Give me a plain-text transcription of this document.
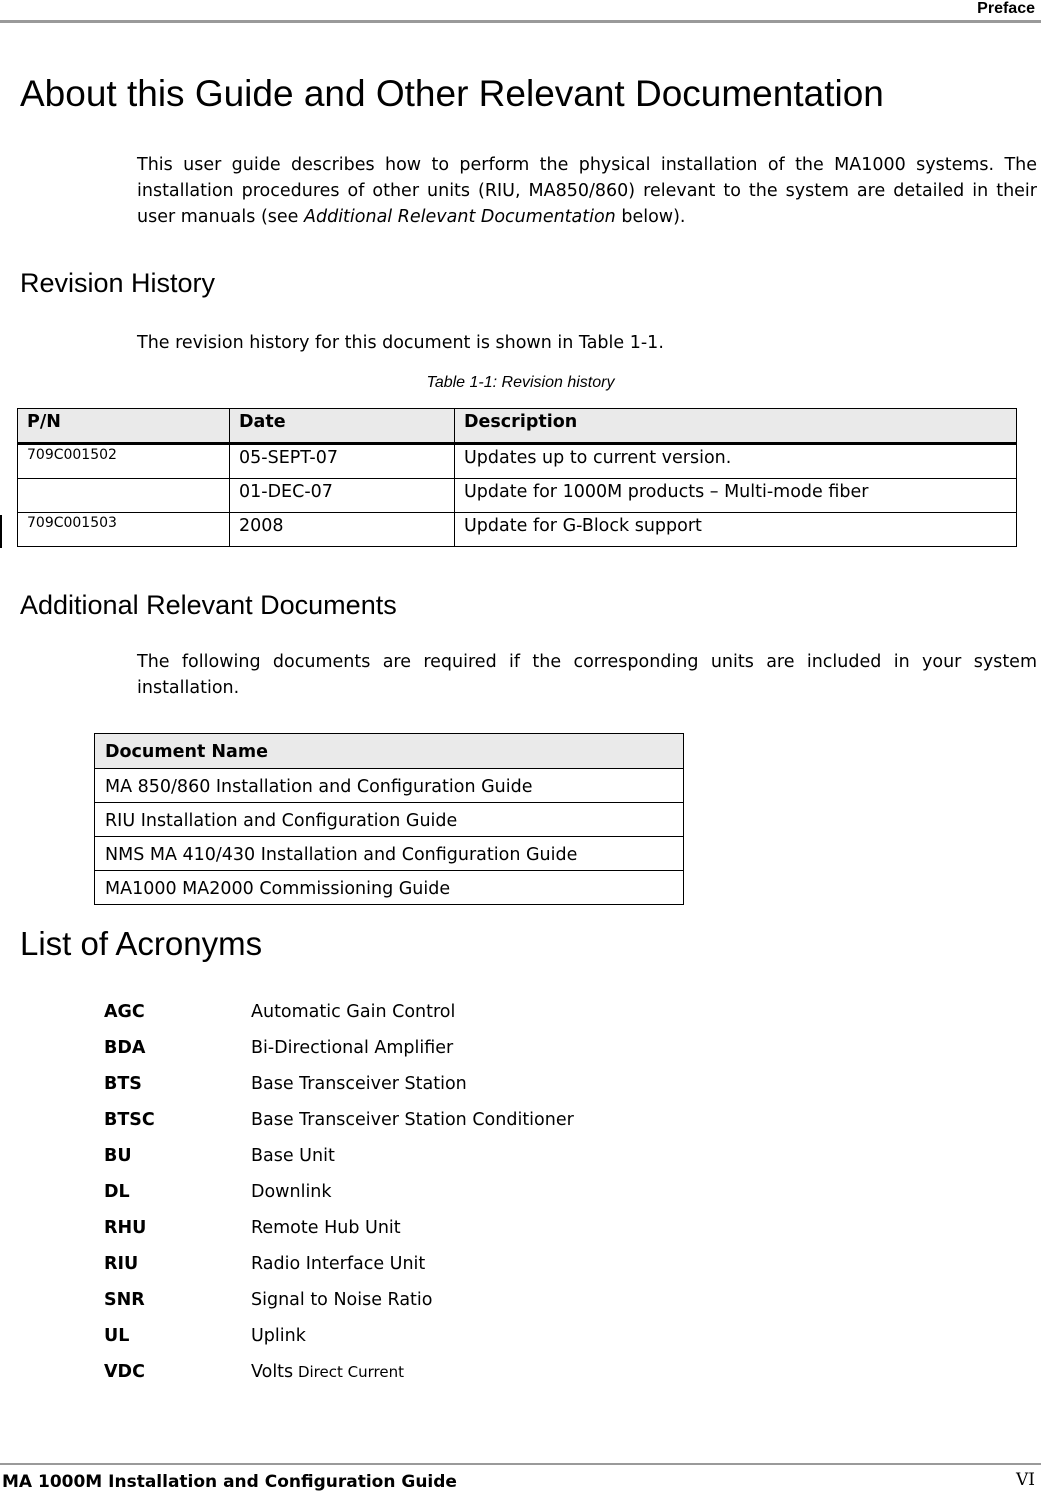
Preface
About this Guide and Other Relevant Documentation

This user guide describes how to perform the physical installation of the MA1000 systems. The installation procedures of other units (RIU, MA850/860) relevant to the system are detailed in their user manuals (see Additional Relevant Documentation below).

Revision History

The revision history for this document is shown in Table 1-1.

Table 1-1: Revision history
P/N	Date	Description
709C001502	05-SEPT-07	Updates up to current version.
	01-DEC-07	Update for 1000M products – Multi-mode fiber
709C001503	2008	Update for G-Block support
Additional Relevant Documents

The following documents are required if the corresponding units are included in your system installation.

Document Name
MA 850/860 Installation and Configuration Guide
RIU Installation and Configuration Guide
NMS MA 410/430 Installation and Configuration Guide
MA1000 MA2000 Commissioning Guide
List of Acronyms
AGC	Automatic Gain Control
BDA	Bi-Directional Amplifier
BTS	Base Transceiver Station
BTSC	Base Transceiver Station Conditioner
BU	Base Unit
DL	Downlink
RHU	Remote Hub Unit
RIU	Radio Interface Unit
SNR	Signal to Noise Ratio
UL	Uplink
VDC	Volts Direct Current
MA 1000M Installation and Configuration Guide	VI
